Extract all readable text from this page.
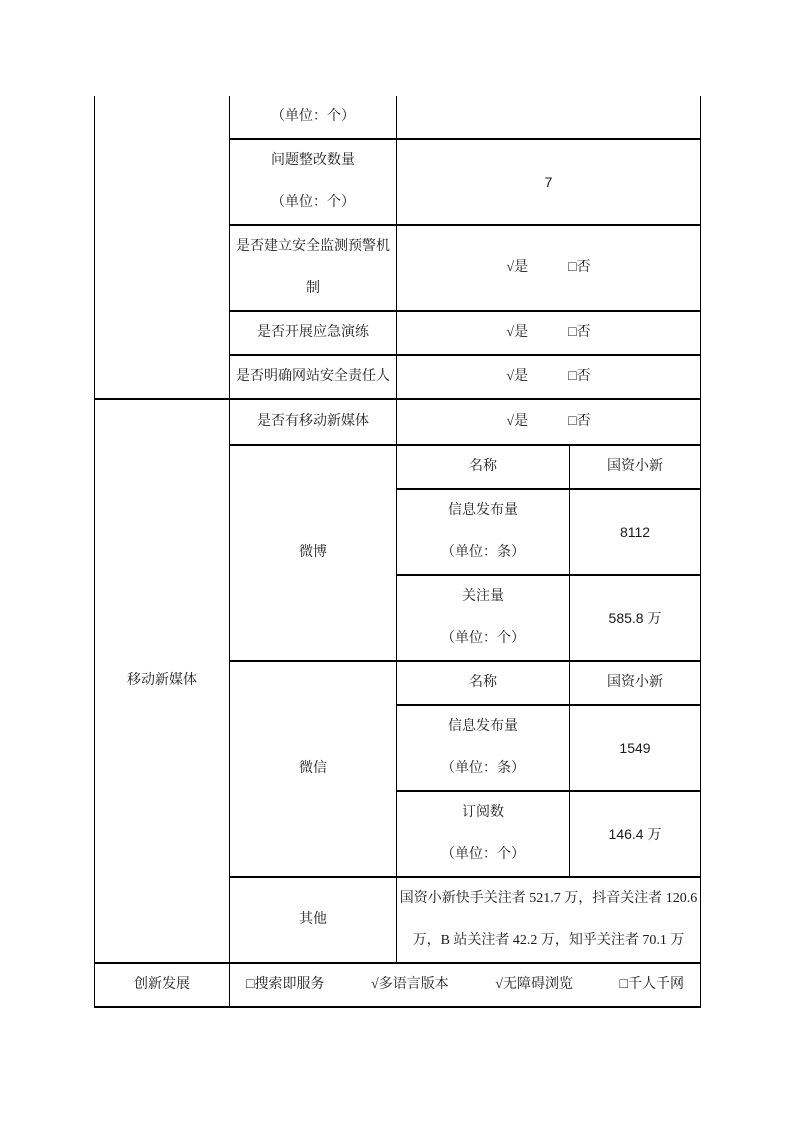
	（单位：个）		

	问题整改数量
（单位：个）	7	

	是否建立安全监测预警机
制	√是 □否	
	是否开展应急演练	√是 □否	
	是否明确网站安全责任人	√是 □否	
移动新媒体	是否有移动新媒体	√是 □否	
	微博	名称	国资小新

		信息发布量
（单位：条）	8112

		关注量
（单位：个）	585.8 万
	微信	名称	国资小新

		信息发布量
（单位：条）	1549

		订阅数
（单位：个）	146.4 万
	其他	国资小新快手关注者 521.7 万，抖音关注者 120.6
万，B 站关注者 42.2 万，知乎关注者 70.1 万	

创新发展	□搜索即服务 √多语言版本 √无障碍浏览 □千人千网		
